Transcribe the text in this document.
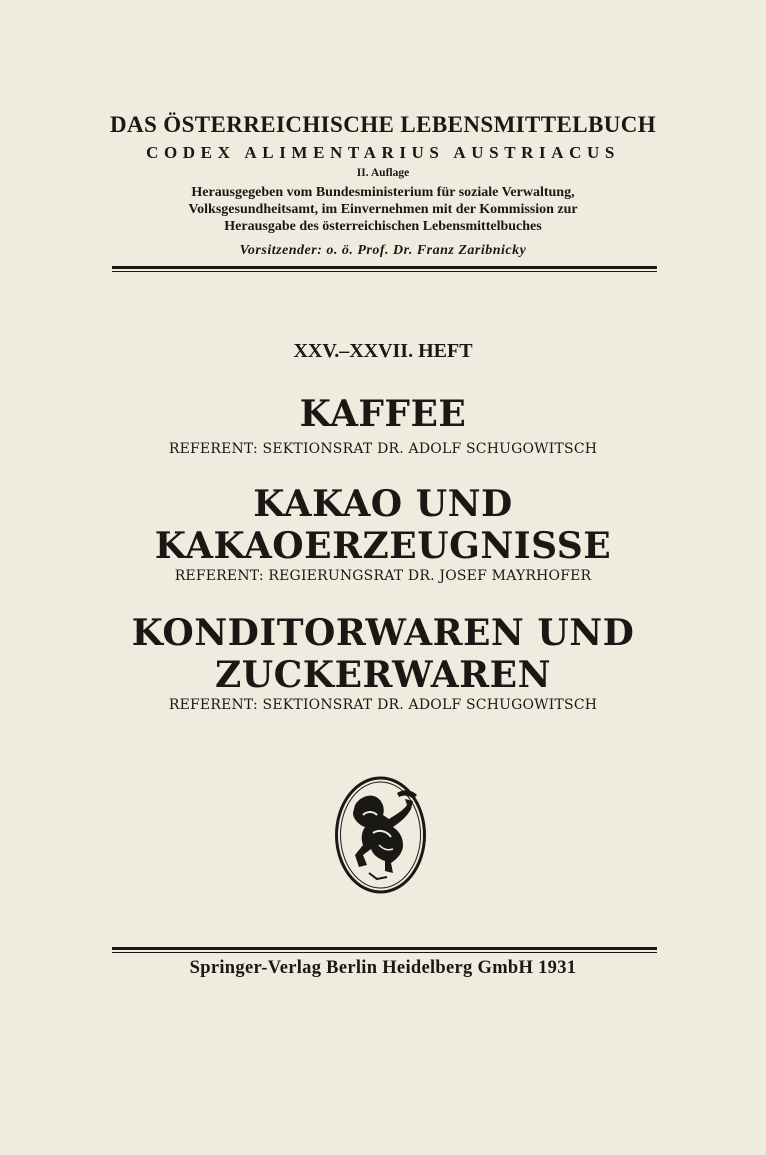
DAS ÖSTERREICHISCHE LEBENSMITTELBUCH
CODEX ALIMENTARIUS AUSTRIACUS
II. Auflage
Herausgegeben vom Bundesministerium für soziale Verwaltung,
Volksgesundheitsamt, im Einvernehmen mit der Kommission zur
Herausgabe des österreichischen Lebensmittelbuches
Vorsitzender: o. ö. Prof. Dr. Franz Zaribnicky
XXV.–XXVII. HEFT
KAFFEE
REFERENT: SEKTIONSRAT DR. ADOLF SCHUGOWITSCH
KAKAO UND
KAKAOERZEUGNISSE
REFERENT: REGIERUNGSRAT DR. JOSEF MAYRHOFER
KONDITORWAREN UND
ZUCKERWAREN
REFERENT: SEKTIONSRAT DR. ADOLF SCHUGOWITSCH
Springer-Verlag Berlin Heidelberg GmbH 1931
